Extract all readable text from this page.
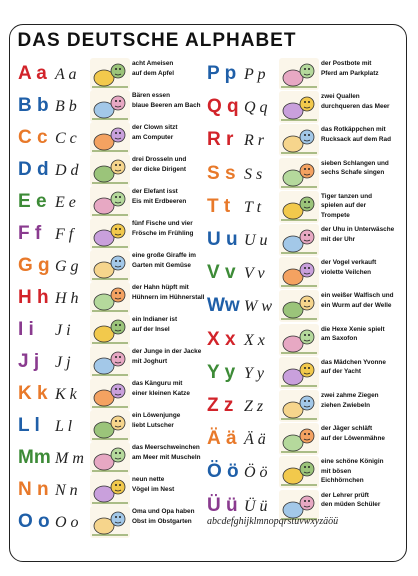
DAS DEUTSCHE ALPHABET
A a A a
acht Ameisen
auf dem Apfel
B b B b
Bären essen
blaue Beeren am Bach
C c C c
der Clown sitzt
am Computer
D d D d
drei Drosseln und
der dicke Dirigent
E e E e
der Elefant isst
Eis mit Erdbeeren
F f F f
fünf Fische und vier
Frösche im Frühling
G g G g
eine große Giraffe im
Garten mit Gemüse
H h H h
der Hahn hüpft mit
Hühnern im Hühnerstall
I i J i
ein Indianer ist
auf der Insel
J j J j
der Junge in der Jacke
mit Joghurt
K k K k
das Känguru mit
einer kleinen Katze
L l L l
ein Löwenjunge
liebt Lutscher
Mm M m
das Meerschweinchen
am Meer mit Muscheln
N n N n
neun nette
Vögel im Nest
O o O o
Oma und Opa haben
Obst im Obstgarten
P p P p
der Postbote mit
Pferd am Parkplatz
Q q Q q
zwei Quallen
durchqueren das Meer
R r R r
das Rotkäppchen mit
Rucksack auf dem Rad
S s S s
sieben Schlangen und
sechs Schafe singen
T t T t
Tiger tanzen und
spielen auf der
Trompete
U u U u
der Uhu in Unterwäsche
mit der Uhr
V v V v
der Vogel verkauft
violette Veilchen
Ww W w
ein weißer Walfisch und
ein Wurm auf der Welle
X x X x
die Hexe Xenie spielt
am Saxofon
Y y Y y
das Mädchen Yvonne
auf der Yacht
Z z Z z
zwei zahme Ziegen
ziehen Zwiebeln
Ä ä Ä ä
der Jäger schläft
auf der Löwenmähne
Ö ö Ö ö
eine schöne Königin
mit bösen
Eichhörnchen
Ü ü Ü ü
der Lehrer prüft
den müden Schüler
abcdefghijklmnopqrstuvwxyzäöü
